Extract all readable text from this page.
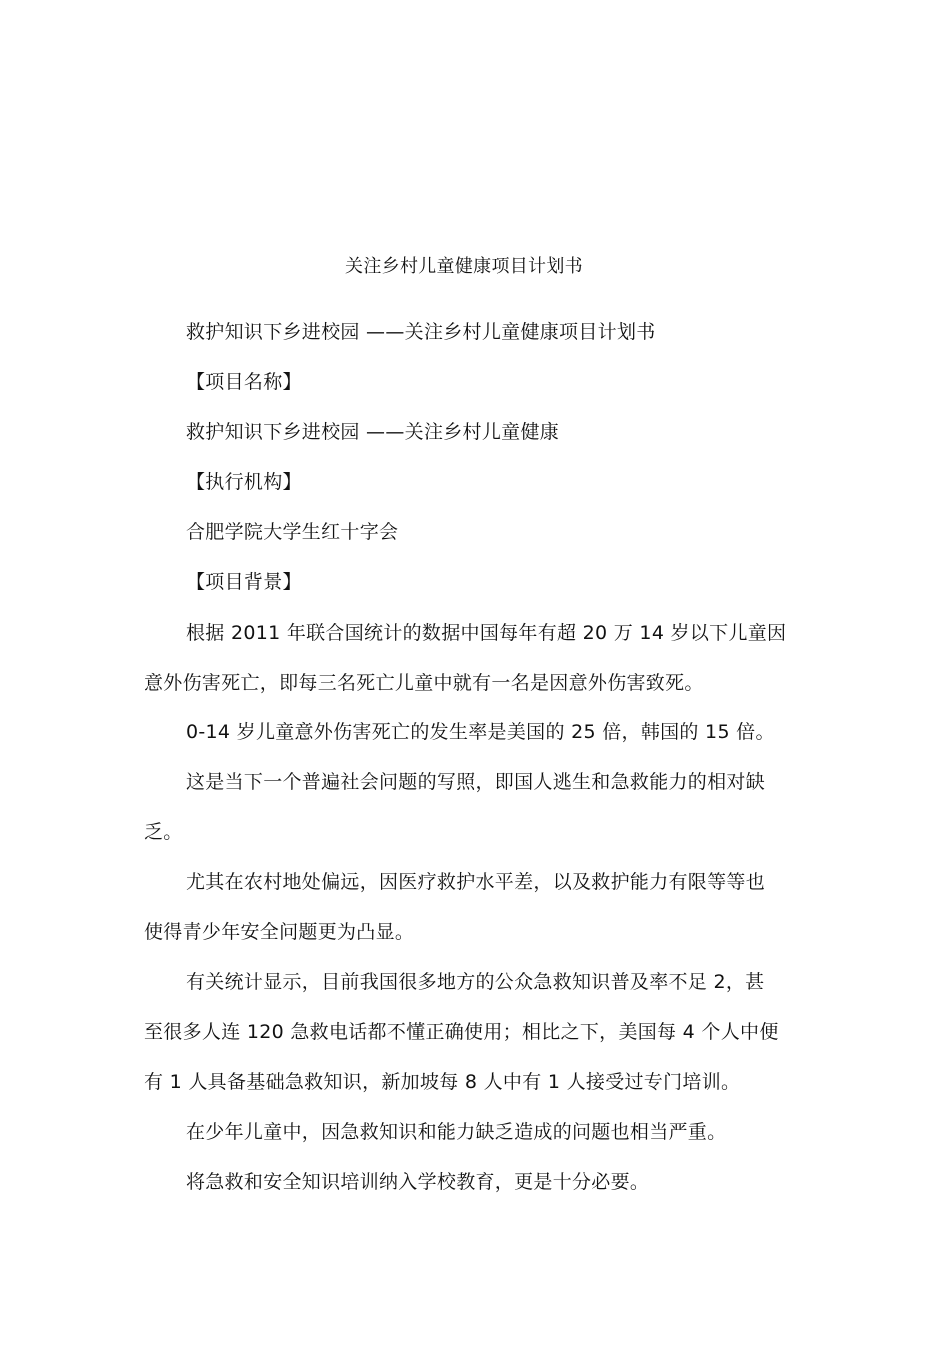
关注乡村儿童健康项目计划书
救护知识下乡进校园 ——关注乡村儿童健康项目计划书
【项目名称】
救护知识下乡进校园 ——关注乡村儿童健康
【执行机构】
合肥学院大学生红十字会
【项目背景】
根据 2011 年联合国统计的数据中国每年有超 20 万 14 岁以下儿童因
意外伤害死亡，即每三名死亡儿童中就有一名是因意外伤害致死。
0-14 岁儿童意外伤害死亡的发生率是美国的 25 倍，韩国的 15 倍。
这是当下一个普遍社会问题的写照，即国人逃生和急救能力的相对缺
乏。
尤其在农村地处偏远，因医疗救护水平差，以及救护能力有限等等也
使得青少年安全问题更为凸显。
有关统计显示，目前我国很多地方的公众急救知识普及率不足 2，甚
至很多人连 120 急救电话都不懂正确使用；相比之下，美国每 4 个人中便
有 1 人具备基础急救知识，新加坡每 8 人中有 1 人接受过专门培训。
在少年儿童中，因急救知识和能力缺乏造成的问题也相当严重。
将急救和安全知识培训纳入学校教育，更是十分必要。
